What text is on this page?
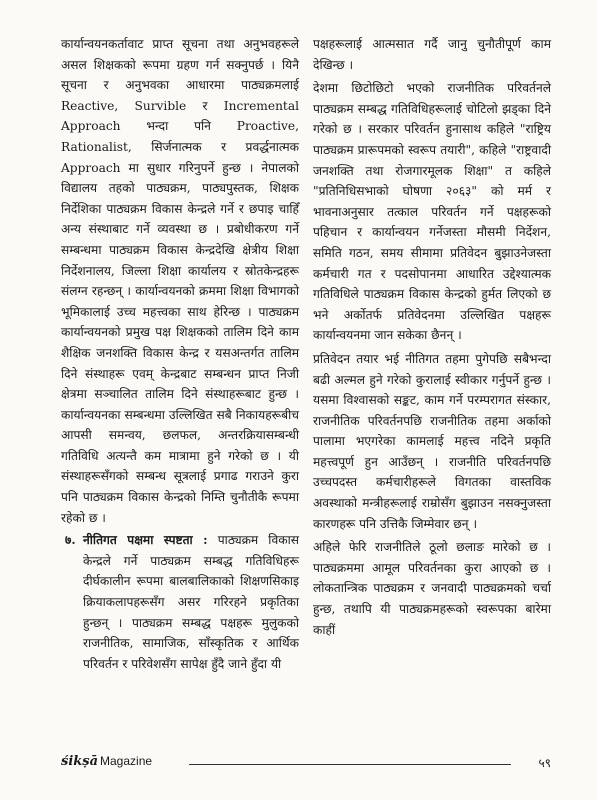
कार्यान्वयनकर्तावाट प्राप्त सूचना तथा अनुभवहरूले असल शिक्षकको रूपमा ग्रहण गर्न सक्नुपर्छ । यिनै सूचना र अनुभवका आधारमा पाठ्यक्रमलाई Reactive, Survible र Incremental Approach भन्दा पनि Proactive, Rationalist, सिर्जनात्मक र प्रवर्द्धनात्मक Approach मा सुधार गरिनुपर्ने हुन्छ । नेपालको विद्यालय तहको पाठ्यक्रम, पाठ्यपुस्तक, शिक्षक निर्देशिका पाठ्यक्रम विकास केन्द्रले गर्ने र छपाइ चाहिँ अन्य संस्थाबाट गर्ने व्यवस्था छ । प्रबोधीकरण गर्ने सम्बन्धमा पाठ्यक्रम विकास केन्द्रदेखि क्षेत्रीय शिक्षा निर्देशनालय, जिल्ला शिक्षा कार्यालय र स्रोतकेन्द्रहरू संलग्न रहन्छन् । कार्यान्वयनको क्रममा शिक्षा विभागको भूमिकालाई उच्च महत्त्वका साथ हेरिन्छ । पाठ्यक्रम कार्यान्वयनको प्रमुख पक्ष शिक्षकको तालिम दिने काम शैक्षिक जनशक्ति विकास केन्द्र र यसअन्तर्गत तालिम दिने संस्थाहरू एवम् केन्द्रबाट सम्बन्धन प्राप्त निजी क्षेत्रमा सञ्चालित तालिम दिने संस्थाहरूबाट हुन्छ । कार्यान्वयनका सम्बन्धमा उल्लिखित सबै निकायहरूबीच आपसी समन्वय, छलफल, अन्तरक्रियासम्बन्धी गतिविधि अत्यन्तै कम मात्रामा हुने गरेको छ । यी संस्थाहरूसँगको सम्बन्ध सूत्रलाई प्रगाढ गराउने कुरा पनि पाठ्यक्रम विकास केन्द्रको निम्ति चुनौतीकै रूपमा रहेको छ ।

७. नीतिगत पक्षमा स्पष्टता : पाठ्यक्रम विकास केन्द्रले गर्ने पाठ्यक्रम सम्बद्ध गतिविधिहरू दीर्घकालीन रूपमा बालबालिकाको शिक्षणसिकाइ क्रियाकलापहरूसँग असर गरिरहने प्रकृतिका हुन्छन् । पाठ्यक्रम सम्बद्ध पक्षहरू मुलुकको राजनीतिक, सामाजिक, साँस्कृतिक र आर्थिक परिवर्तन र परिवेशसँग सापेक्ष हुँदै जाने हुँदा यी

पक्षहरूलाई आत्मसात गर्दै जानु चुनौतीपूर्ण काम देखिन्छ ।

देशमा छिटोछिटो भएको राजनीतिक परिवर्तनले पाठ्यक्रम सम्बद्ध गतिविधिहरूलाई चोटिलो झड्का दिने गरेको छ । सरकार परिवर्तन हुनासाथ कहिले "राष्ट्रिय पाठ्यक्रम प्रारूपमको स्वरूप तयारी", कहिले "राष्ट्रवादी जनशक्ति तथा रोजगारमूलक शिक्षा" त कहिले "प्रतिनिधिसभाको घोषणा २०६३" को मर्म र भावनाअनुसार तत्काल परिवर्तन गर्ने पक्षहरूको पहिचान र कार्यान्वयन गर्नेजस्ता मौसमी निर्देशन, समिति गठन, समय सीमामा प्रतिवेदन बुझाउनेजस्ता कर्मचारी गत र पदसोपानमा आधारित उद्देश्यात्मक गतिविधिले पाठ्यक्रम विकास केन्द्रको हुर्मत लिएको छ भने अर्कोतर्फ प्रतिवेदनमा उल्लिखित पक्षहरू कार्यान्वयनमा जान सकेका छैनन् ।

प्रतिवेदन तयार भई नीतिगत तहमा पुगेपछि सबैभन्दा बढी अल्मल हुने गरेको कुरालाई स्वीकार गर्नुपर्ने हुन्छ । यसमा विश्वासको सङ्कट, काम गर्ने परम्परागत संस्कार, राजनीतिक परिवर्तनपछि राजनीतिक तहमा अर्काको पालामा भएगरेका कामलाई महत्त्व नदिने प्रकृति महत्त्वपूर्ण हुन आउँछन् । राजनीति परिवर्तनपछि उच्चपदस्त कर्मचारीहरूले विगतका वास्तविक अवस्थाको मन्त्रीहरूलाई राम्रोसँग बुझाउन नसक्नुजस्ता कारणहरू पनि उत्तिकै जिम्मेवार छन् ।

अहिले फेरि राजनीतिले ठूलो छलाङ मारेको छ । पाठ्यक्रममा आमूल परिवर्तनका कुरा आएको छ । लोकतान्त्रिक पाठ्यक्रम र जनवादी पाठ्यक्रमको चर्चा हुन्छ, तथापि यी पाठ्यक्रमहरूको स्वरूपका बारेमा काहीं

śikṣā Magazine	५९
